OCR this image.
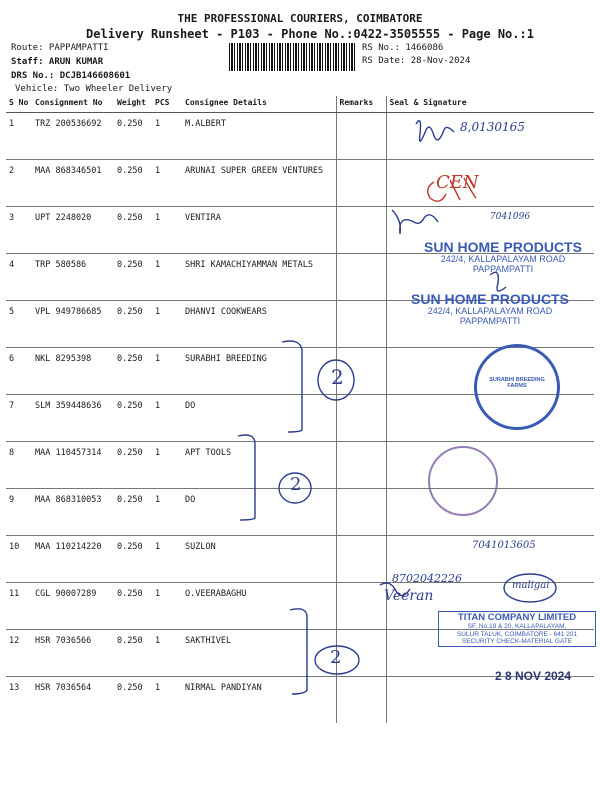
THE PROFESSIONAL COURIERS, COIMBATORE
Delivery Runsheet - P103 - Phone No.:0422-3505555 - Page No.:1
Route: PAPPAMPATTI
Staff: ARUN KUMAR
DRS No.: DCJB146608601
Vehicle: Two Wheeler Delivery
RS No.: 1466086
RS Date: 28-Nov-2024
S No	Consignment No	Weight	PCS	Consignee Details	Remarks	Seal & Signature
1	TRZ 200536692	0.250	1	M.ALBERT		
2	MAA 868346501	0.250	1	ARUNAI SUPER GREEN VENTURES		
3	UPT 2248020	0.250	1	VENTIRA		
4	TRP 580586	0.250	1	SHRI KAMACHIYAMMAN METALS		
5	VPL 949786685	0.250	1	DHANVI COOKWEARS		
6	NKL 8295398	0.250	1	SURABHI BREEDING		
7	SLM 359448636	0.250	1	DO		
8	MAA 110457314	0.250	1	APT TOOLS		
9	MAA 868310053	0.250	1	DO		
10	MAA 110214220	0.250	1	SUZLON		
11	CGL 90007289	0.250	1	O.VEERABAGHU		
12	HSR 7036566	0.250	1	SAKTHIVEL		
13	HSR 7036564	0.250	1	NIRMAL PANDIYAN		
8,0130165
CEN
7041096
2
2
7041013605
8702042226
Veeran
maligai
2
SUN HOME PRODUCTS
242/4, KALLAPALAYAM ROAD
PAPPAMPATTI
SUN HOME PRODUCTS
242/4, KALLAPALAYAM ROAD
PAPPAMPATTI
SURABHI BREEDING FARMS
TITAN COMPANY LIMITED
SF. No.19 & 20, KALLAPALAYAM,
SULUR TALUK, COIMBATORE - 641 201
SECURITY CHECK-MATERIAL GATE
2 8 NOV 2024
